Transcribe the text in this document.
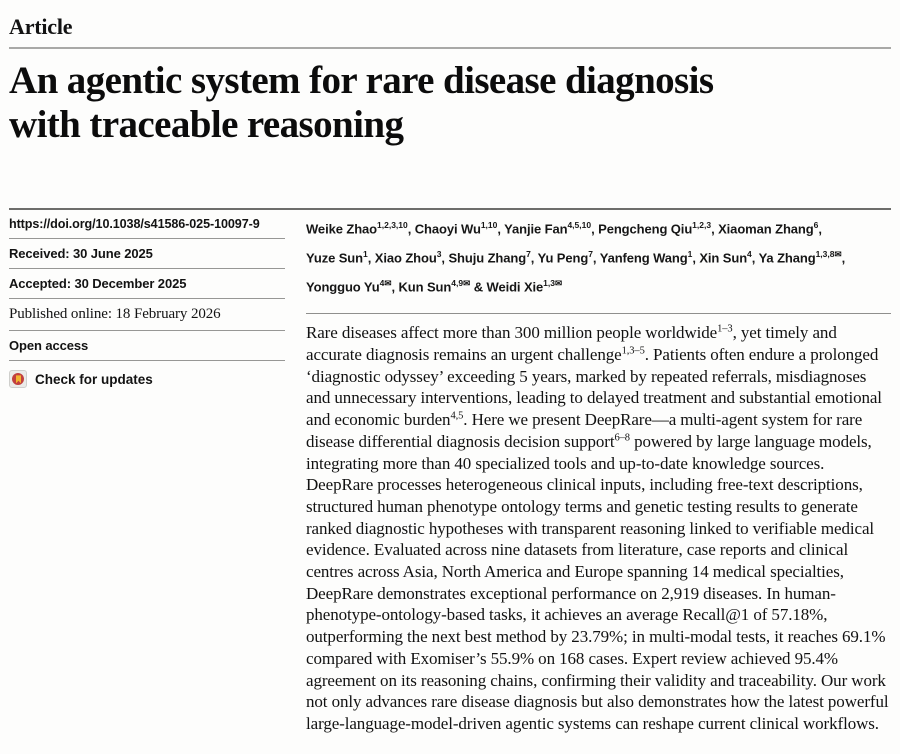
Article
An agentic system for rare disease diagnosis
with traceable reasoning
https://doi.org/10.1038/s41586-025-10097-9
Received: 30 June 2025
Accepted: 30 December 2025
Published online: 18 February 2026
Open access
Check for updates
Weike Zhao$^{1,2,3,10}$, Chaoyi Wu$^{1,10}$, Yanjie Fan$^{4,5,10}$, Pengcheng Qiu$^{1,2,3}$, Xiaoman Zhang$^6$,
Yuze Sun$^1$, Xiao Zhou$^3$, Shuju Zhang$^7$, Yu Peng$^7$, Yanfeng Wang$^1$, Xin Sun$^4$, Ya Zhang$^{1,3,8✉}$,
Yongguo $Yu^{4✉}$, Kun Sun$^{4,9✉}$ & Weidi Xie$^{1,3✉}$

Rare diseases affect more than 300 million people worldwide$^{1-3}$, yet timely and accurate diagnosis remains an urgent challenge$^{1,3-5}$. Patients often endure a prolonged ‘diagnostic odyssey’ exceeding 5 years, marked by repeated referrals, misdiagnoses and unnecessary interventions, leading to delayed treatment and substantial emotional and economic burden$^{4,5}$. Here we present DeepRare—a multi-agent system for rare disease differential diagnosis decision support$^{6-8}$ powered by large language models, integrating more than 40 specialized tools and up-to-date knowledge sources. DeepRare processes heterogeneous clinical inputs, including free-text descriptions, structured human phenotype ontology terms and genetic testing results to generate ranked diagnostic hypotheses with transparent reasoning linked to verifiable medical evidence. Evaluated across nine datasets from literature, case reports and clinical centres across Asia, North America and Europe spanning 14 medical specialties, DeepRare demonstrates exceptional performance on 2,919 diseases. In human-phenotype-ontology-based tasks, it achieves an average Recall@1 of 57.18%, outperforming the next best method by 23.79%; in multi-modal tests, it reaches 69.1% compared with Exomiser’s 55.9% on 168 cases. Expert review achieved 95.4% agreement on its reasoning chains, confirming their validity and traceability. Our work not only advances rare disease diagnosis but also demonstrates how the latest powerful large-language-model-driven agentic systems can reshape current clinical workflows.
